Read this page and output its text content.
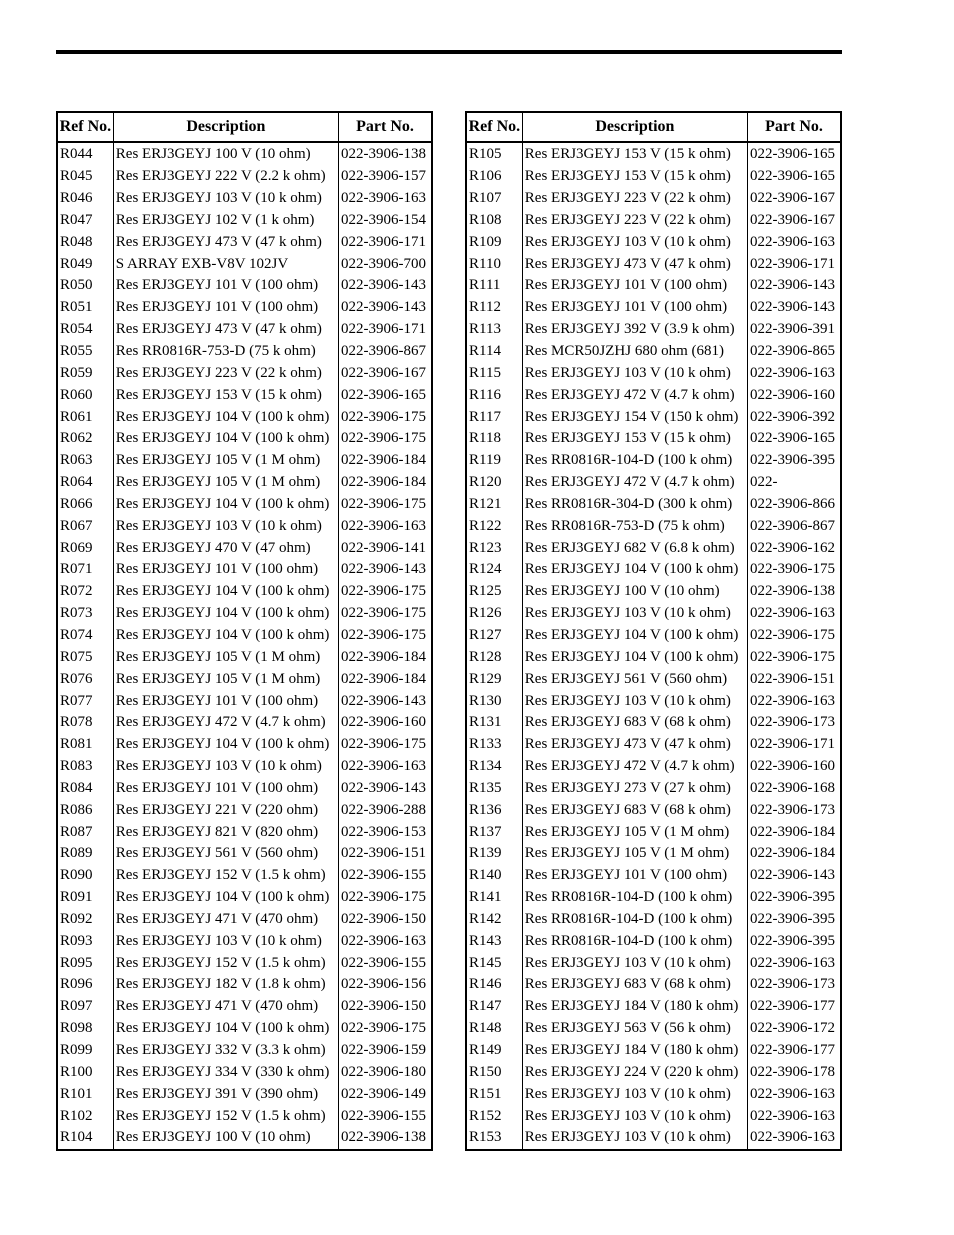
Ref No.	Description	Part No.
R044	Res ERJ3GEYJ 100 V (10 ohm)	022-3906-138
R045	Res ERJ3GEYJ 222 V (2.2 k ohm)	022-3906-157
R046	Res ERJ3GEYJ 103 V (10 k ohm)	022-3906-163
R047	Res ERJ3GEYJ 102 V (1 k ohm)	022-3906-154
R048	Res ERJ3GEYJ 473 V (47 k ohm)	022-3906-171
R049	S ARRAY EXB-V8V 102JV	022-3906-700
R050	Res ERJ3GEYJ 101 V (100 ohm)	022-3906-143
R051	Res ERJ3GEYJ 101 V (100 ohm)	022-3906-143
R054	Res ERJ3GEYJ 473 V (47 k ohm)	022-3906-171
R055	Res RR0816R-753-D (75 k ohm)	022-3906-867
R059	Res ERJ3GEYJ 223 V (22 k ohm)	022-3906-167
R060	Res ERJ3GEYJ 153 V (15 k ohm)	022-3906-165
R061	Res ERJ3GEYJ 104 V (100 k ohm)	022-3906-175
R062	Res ERJ3GEYJ 104 V (100 k ohm)	022-3906-175
R063	Res ERJ3GEYJ 105 V (1 M ohm)	022-3906-184
R064	Res ERJ3GEYJ 105 V (1 M ohm)	022-3906-184
R066	Res ERJ3GEYJ 104 V (100 k ohm)	022-3906-175
R067	Res ERJ3GEYJ 103 V (10 k ohm)	022-3906-163
R069	Res ERJ3GEYJ 470 V (47 ohm)	022-3906-141
R071	Res ERJ3GEYJ 101 V (100 ohm)	022-3906-143
R072	Res ERJ3GEYJ 104 V (100 k ohm)	022-3906-175
R073	Res ERJ3GEYJ 104 V (100 k ohm)	022-3906-175
R074	Res ERJ3GEYJ 104 V (100 k ohm)	022-3906-175
R075	Res ERJ3GEYJ 105 V (1 M ohm)	022-3906-184
R076	Res ERJ3GEYJ 105 V (1 M ohm)	022-3906-184
R077	Res ERJ3GEYJ 101 V (100 ohm)	022-3906-143
R078	Res ERJ3GEYJ 472 V (4.7 k ohm)	022-3906-160
R081	Res ERJ3GEYJ 104 V (100 k ohm)	022-3906-175
R083	Res ERJ3GEYJ 103 V (10 k ohm)	022-3906-163
R084	Res ERJ3GEYJ 101 V (100 ohm)	022-3906-143
R086	Res ERJ3GEYJ 221 V (220 ohm)	022-3906-288
R087	Res ERJ3GEYJ 821 V (820 ohm)	022-3906-153
R089	Res ERJ3GEYJ 561 V (560 ohm)	022-3906-151
R090	Res ERJ3GEYJ 152 V (1.5 k ohm)	022-3906-155
R091	Res ERJ3GEYJ 104 V (100 k ohm)	022-3906-175
R092	Res ERJ3GEYJ 471 V (470 ohm)	022-3906-150
R093	Res ERJ3GEYJ 103 V (10 k ohm)	022-3906-163
R095	Res ERJ3GEYJ 152 V (1.5 k ohm)	022-3906-155
R096	Res ERJ3GEYJ 182 V (1.8 k ohm)	022-3906-156
R097	Res ERJ3GEYJ 471 V (470 ohm)	022-3906-150
R098	Res ERJ3GEYJ 104 V (100 k ohm)	022-3906-175
R099	Res ERJ3GEYJ 332 V (3.3 k ohm)	022-3906-159
R100	Res ERJ3GEYJ 334 V (330 k ohm)	022-3906-180
R101	Res ERJ3GEYJ 391 V (390 ohm)	022-3906-149
R102	Res ERJ3GEYJ 152 V (1.5 k ohm)	022-3906-155
R104	Res ERJ3GEYJ 100 V (10 ohm)	022-3906-138
Ref No.	Description	Part No.
R105	Res ERJ3GEYJ 153 V (15 k ohm)	022-3906-165
R106	Res ERJ3GEYJ 153 V (15 k ohm)	022-3906-165
R107	Res ERJ3GEYJ 223 V (22 k ohm)	022-3906-167
R108	Res ERJ3GEYJ 223 V (22 k ohm)	022-3906-167
R109	Res ERJ3GEYJ 103 V (10 k ohm)	022-3906-163
R110	Res ERJ3GEYJ 473 V (47 k ohm)	022-3906-171
R111	Res ERJ3GEYJ 101 V (100 ohm)	022-3906-143
R112	Res ERJ3GEYJ 101 V (100 ohm)	022-3906-143
R113	Res ERJ3GEYJ 392 V (3.9 k ohm)	022-3906-391
R114	Res MCR50JZHJ 680 ohm (681)	022-3906-865
R115	Res ERJ3GEYJ 103 V (10 k ohm)	022-3906-163
R116	Res ERJ3GEYJ 472 V (4.7 k ohm)	022-3906-160
R117	Res ERJ3GEYJ 154 V (150 k ohm)	022-3906-392
R118	Res ERJ3GEYJ 153 V (15 k ohm)	022-3906-165
R119	Res RR0816R-104-D (100 k ohm)	022-3906-395
R120	Res ERJ3GEYJ 472 V (4.7 k ohm)	022-
R121	Res RR0816R-304-D (300 k ohm)	022-3906-866
R122	Res RR0816R-753-D (75 k ohm)	022-3906-867
R123	Res ERJ3GEYJ 682 V (6.8 k ohm)	022-3906-162
R124	Res ERJ3GEYJ 104 V (100 k ohm)	022-3906-175
R125	Res ERJ3GEYJ 100 V (10 ohm)	022-3906-138
R126	Res ERJ3GEYJ 103 V (10 k ohm)	022-3906-163
R127	Res ERJ3GEYJ 104 V (100 k ohm)	022-3906-175
R128	Res ERJ3GEYJ 104 V (100 k ohm)	022-3906-175
R129	Res ERJ3GEYJ 561 V (560 ohm)	022-3906-151
R130	Res ERJ3GEYJ 103 V (10 k ohm)	022-3906-163
R131	Res ERJ3GEYJ 683 V (68 k ohm)	022-3906-173
R133	Res ERJ3GEYJ 473 V (47 k ohm)	022-3906-171
R134	Res ERJ3GEYJ 472 V (4.7 k ohm)	022-3906-160
R135	Res ERJ3GEYJ 273 V (27 k ohm)	022-3906-168
R136	Res ERJ3GEYJ 683 V (68 k ohm)	022-3906-173
R137	Res ERJ3GEYJ 105 V (1 M ohm)	022-3906-184
R139	Res ERJ3GEYJ 105 V (1 M ohm)	022-3906-184
R140	Res ERJ3GEYJ 101 V (100 ohm)	022-3906-143
R141	Res RR0816R-104-D (100 k ohm)	022-3906-395
R142	Res RR0816R-104-D (100 k ohm)	022-3906-395
R143	Res RR0816R-104-D (100 k ohm)	022-3906-395
R145	Res ERJ3GEYJ 103 V (10 k ohm)	022-3906-163
R146	Res ERJ3GEYJ 683 V (68 k ohm)	022-3906-173
R147	Res ERJ3GEYJ 184 V (180 k ohm)	022-3906-177
R148	Res ERJ3GEYJ 563 V (56 k ohm)	022-3906-172
R149	Res ERJ3GEYJ 184 V (180 k ohm)	022-3906-177
R150	Res ERJ3GEYJ 224 V (220 k ohm)	022-3906-178
R151	Res ERJ3GEYJ 103 V (10 k ohm)	022-3906-163
R152	Res ERJ3GEYJ 103 V (10 k ohm)	022-3906-163
R153	Res ERJ3GEYJ 103 V (10 k ohm)	022-3906-163
